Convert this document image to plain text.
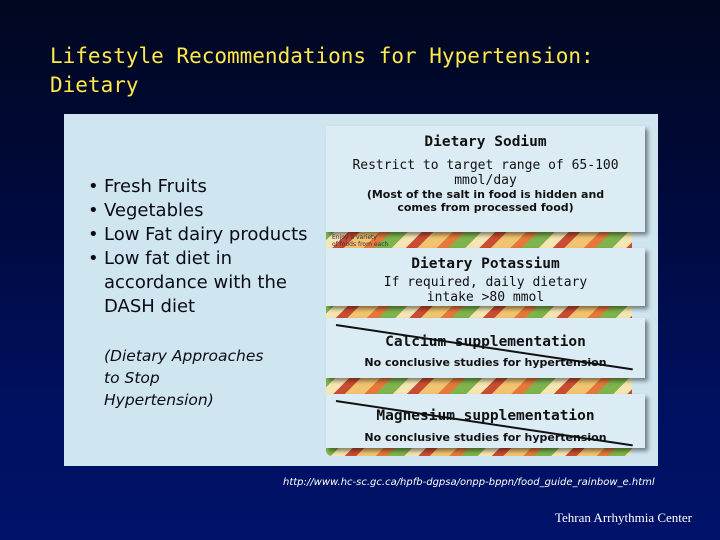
Lifestyle Recommendations for Hypertension:
Dietary
• Fresh Fruits
• Vegetables
• Low Fat dairy products
• Low fat diet in accordance with the DASH diet
(Dietary Approaches
to Stop
Hypertension)
Enjoy a variety
of foods from each
Dietary Sodium
Restrict to target range of 65-100
mmol/day
(Most of the salt in food is hidden and
comes from processed food)
Dietary Potassium
If required, daily dietary
intake >80 mmol
Calcium supplementation
No conclusive studies for hypertension
Magnesium supplementation
No conclusive studies for hypertension
http://www.hc-sc.gc.ca/hpfb-dgpsa/onpp-bppn/food_guide_rainbow_e.html
Tehran Arrhythmia Center
